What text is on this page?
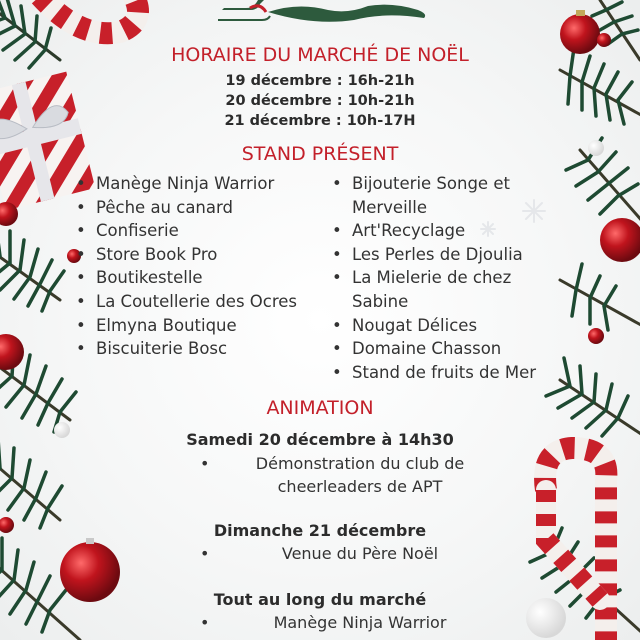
HORAIRE DU MARCHÉ DE NOËL

19 décembre : 16h-21h

20 décembre : 10h-21h

21 décembre : 10h-17H

STAND PRÉSENT
• Manège Ninja Warrior
• Pêche au canard
• Confiserie
• Store Book Pro
• Boutikestelle
• La Coutellerie des Ocres
• Elmyna Boutique
• Biscuiterie Bosc
• Bijouterie Songe et
Merveille
• Art'Recyclage
• Les Perles de Djoulia
• La Mielerie de chez
Sabine
• Nougat Délices
• Domaine Chasson
• Stand de fruits de Mer
ANIMATION

Samedi 20 décembre à 14h30

•	Démonstration du club de cheerleaders de APT

Dimanche 21 décembre

•	Venue du Père Noël

Tout au long du marché

•	Manège Ninja Warrior
